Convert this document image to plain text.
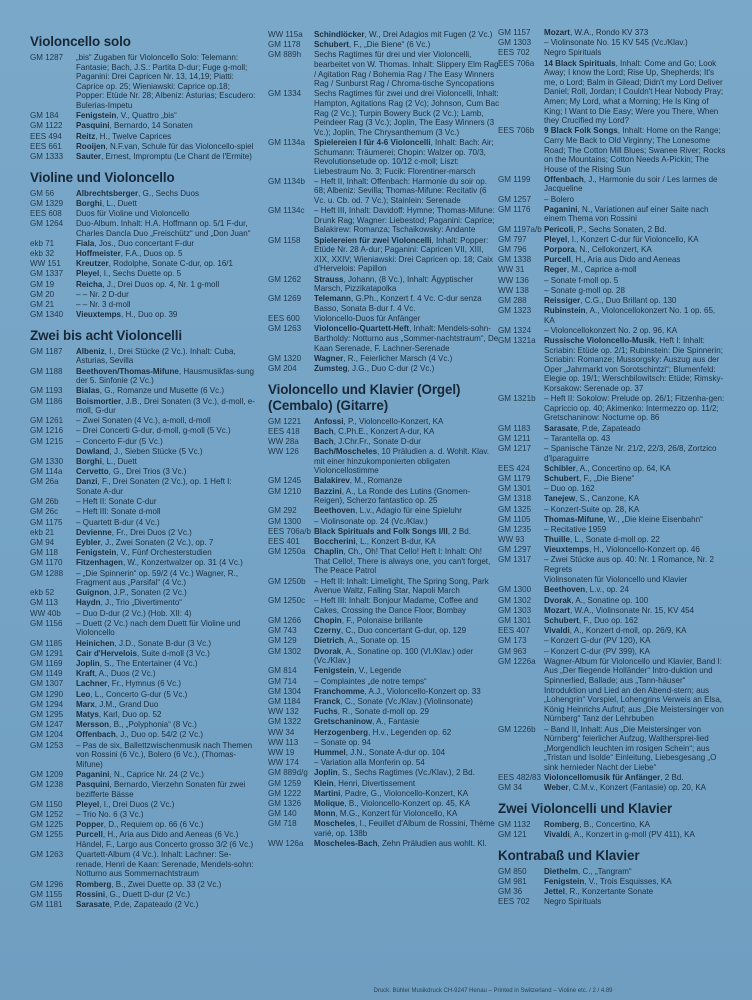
Violoncello solo
GM 1287	„bis“ Zugaben für Violoncello Solo: Telemann: Fantasie; Bach, J.S.: Partita D-dur; Fuge g-moll; Paganini: Drei Capricen Nr. 13, 14,19; Piatti: Caprice op. 25; Wieniawski: Caprice op.18; Popper: Etüde Nr. 28; Albeniz: Asturias; Escudero: Bulerias-Impetu
GM 184	Fenigstein, V., Quattro „bis“
GM 1122	Pasquini, Bernardo, 14 Sonaten
EES 494	Reitz, H., Twelve Caprices
EES 661	Rooijen, N.F.van, Schule für das Violoncello-spiel
GM 1333	Sauter, Ernest, Impromptu (Le Chant de l'Ermite)
Violine und Violoncello
GM 56	Albrechtsberger, G., Sechs Duos
GM 1329	Borghi, L., Duett
EES 608	Duos für Violine und Violoncello
GM 1264	Duo-Album. Inhalt: H.A. Hoffmann op. 5/1 F-dur, Charles Dancla Duo „Freischütz“ und „Don Juan“
ekb 71	Fiala, Jos., Duo concertant F-dur
ekb 32	Hoffmeister, F.A., Duos op. 5
WW 151	Kreutzer, Rodolphe, Sonate C-dur, op. 16/1
GM 1337	Pleyel, I., Sechs Duette op. 5
GM 19	Reicha, J., Drei Duos op. 4, Nr. 1 g-moll
GM 20	– – Nr. 2 D-dur
GM 21	– – Nr. 3 d-moll
GM 1340	Vieuxtemps, H., Duo op. 39
Zwei bis acht Violoncelli
GM 1187	Albeniz, I., Drei Stücke (2 Vc.). Inhalt: Cuba, Asturias, Sevilla
GM 1188	Beethoven/Thomas-Mifune, Hausmusikfas-sung der 5. Sinfonie (2 Vc.)
GM 1193	Bialas, G., Romanze und Musette (6 Vc.)
GM 1186	Boismortier, J.B., Drei Sonaten (3 Vc.), d-moll, e-moll, G-dur
GM 1261	– Zwei Sonaten (4 Vc.), a-moll, d-moll
GM 1216	– Drei Concerti G-dur, d-moll, g-moll (5 Vc.)
GM 1215	– Concerto F-dur (5 Vc.)
Dowland, J., Sieben Stücke (5 Vc.)
GM 1330	Borghi, L., Duett
GM 114a	Cervetto, G., Drei Trios (3 Vc.)
GM 26a	Danzi, F., Drei Sonaten (2 Vc.), op. 1 Heft I: Sonate A-dur
GM 26b	– Heft II: Sonate C-dur
GM 26c	– Heft III: Sonate d-moll
GM 1175	– Quartett B-dur (4 Vc.)
ekb 21	Devienne, Fr., Drei Duos (2 Vc.)
GM 94	Eybler, J., Zwei Sonaten (2 Vc.), op. 7
GM 118	Fenigstein, V., Fünf Orchesterstudien
GM 1170	Fitzenhagen, W., Konzertwalzer op. 31 (4 Vc.)
GM 1288	– „Die Spinnerin“ op. 59/2 (4 Vc.) Wagner, R., Fragment aus „Parsifal“ (4 Vc.)
ekb 52	Guignon, J.P., Sonaten (2 Vc.)
GM 113	Haydn, J., Trio „Divertimento“
WW 40b	– Duo D-dur (2 Vc.) (Hob. XII: 4)
GM 1156	– Duett (2 Vc.) nach dem Duett für Violine und Violoncello
GM 1185	Heinichen, J.D., Sonate B-dur (3 Vc.)
GM 1291	Cair d'Hervelois, Suite d-moll (3 Vc.)
GM 1169	Joplin, S., The Entertainer (4 Vc.)
GM 1149	Kraft, A., Duos (2 Vc.)
GM 1307	Lachner, Fr., Hymnus (6 Vc.)
GM 1290	Leo, L., Concerto G-dur (5 Vc.)
GM 1294	Marx, J.M., Grand Duo
GM 1295	Matys, Karl, Duo op. 52
GM 1247	Mersson, B., „Polyphonia“ (8 Vc.)
GM 1204	Offenbach, J., Duo op. 54/2 (2 Vc.)
GM 1253	– Pas de six, Ballettzwischenmusik nach Themen von Rossini (6 Vc.), Bolero (6 Vc.), (Thomas-Mifune)
GM 1209	Paganini, N., Caprice Nr. 24 (2 Vc.)
GM 1238	Pasquini, Bernardo, Vierzehn Sonaten für zwei bezifferte Bässe
GM 1150	Pleyel, I., Drei Duos (2 Vc.)
GM 1252	– Trio No. 6 (3 Vc.)
GM 1225	Popper, D., Requiem op. 66 (6 Vc.)
GM 1255	Purcell, H., Aria aus Dido and Aeneas (6 Vc.) Händel, F., Largo aus Concerto grosso 3/2 (6 Vc.)
GM 1263	Quartett-Album (4 Vc.). Inhalt: Lachner: Se-renade, Henri de Kaan: Serenade, Mendels-sohn: Notturno aus Sommernachtstraum
GM 1296	Romberg, B., Zwei Duette op. 33 (2 Vc.)
GM 1155	Rossini, G., Duett D-dur (2 Vc.)
GM 1181	Sarasate, P.de, Zapateado (2 Vc.)
WW 115a	Schindlöcker, W., Drei Adagios mit Fugen (2 Vc.)
GM 1178	Schubert, F., „Die Biene“ (6 Vc.)
GM 889h	Sechs Ragtimes für drei und vier Violoncelli, bearbeitet von W. Thomas. Inhalt: Slippery Elm Rag / Agitation Rag / Bohemia Rag / The Easy Winners Rag / Sunburst Rag / Chroma-tische Syncopations
GM 1334	Sechs Ragtimes für zwei und drei Violoncelli, Inhalt: Hampton, Agitations Rag (2 Vc); Johnson, Cum Bac Rag (2 Vc.); Turpin Bowery Buck (2 Vc.); Lamb, Peindeer Rag (3 Vc.); Joplin, The Easy Winners (3 Vc.); Joplin, The Chrysanthemum (3 Vc.)
GM 1134a	Spielereien I für 4-6 Violoncelli, Inhalt: Bach: Air; Schumann: Träumerei; Chopin: Walzer op. 70/3, Revolutionsetude op. 10/12 c-moll; Liszt: Liebestraum No. 3; Fucik: Florentiner-marsch
GM 1134b	– Heft II, Inhalt: Offenbach: Harmonie du soir op. 68; Albeniz: Sevilla; Thomas-Mifune: Recitativ (6 Vc. u. Cb. od. 7 Vc.); Stainlein: Serenade
GM 1134c	– Heft III, Inhalt: Davidoff: Hymne; Thomas-Mifune: Drunk Rag; Wagner: Liebestod; Paganini: Caprice; Balakirew: Romanza; Tschaikowsky: Andante
GM 1158	Spielereien für zwei Violoncelli, Inhalt: Popper: Etüde Nr. 28 A-dur; Paganini: Capricen VII, XIII, XIX, XXIV; Wieniawski: Drei Capricen op. 18; Caix d'Hervelois: Papillon
GM 1262	Strauss, Johann, (8 Vc.), Inhalt: Ägyptischer Marsch, Pizzikatapolka
GM 1269	Telemann, G.Ph., Konzert f. 4 Vc. C-dur senza Basso, Sonata B-dur f. 4 Vc.
EES 600	Violoncello-Duos für Anfänger
GM 1263	Violoncello-Quartett-Heft, Inhalt: Mendels-sohn-Bartholdy: Notturno aus „Sommer-nachtstraum“, De Kaan Serenade, F. Lachner-Serenade
GM 1320	Wagner, R., Feierlicher Marsch (4 Vc.)
GM 204	Zumsteg, J.G., Duo C-dur (2 Vc.)
Violoncello und Klavier (Orgel) (Cembalo) (Gitarre)
GM 1221	Anfossi, P., Violoncello-Konzert, KA
EES 418	Bach, C.Ph.E., Konzert A-dur, KA
WW 28a	Bach, J.Chr.Fr., Sonate D-dur
WW 126	Bach/Moscheles, 10 Präludien a. d. Wohlt. Klav. mit einer hinzukomponierten obligaten Violoncellostimme
GM 1245	Balakirev, M., Romanze
GM 1210	Bazzini, A., La Ronde des Lutins (Gnomen-Reigen), Scherzo fantastico op. 25
GM 292	Beethoven, L.v., Adagio für eine Spieluhr
GM 1300	– Violinsonate op. 24 (Vc./Klav.)
EES 706a/b Black Spirituals and Folk Songs I/II, 2 Bd.
EES 401	Boccherini, L., Konzert B-dur, KA
GM 1250a	Chaplin, Ch., Oh! That Cello! Heft I: Inhalt: Oh! That Cello!, There is always one, you can't forget, The Peace Patrol
GM 1250b	– Heft II: Inhalt: Limelight, The Spring Song, Park Avenue Waltz, Falling Star, Napoli March
GM 1250c	– Heft III: Inhalt: Bonjour Madame, Coffee and Cakes, Crossing the Dance Floor, Bombay
GM 1266	Chopin, F., Polonaise brillante
GM 743	Czerny, C., Duo concertant G-dur, op. 129
GM 129	Dietrich, A., Sonate op. 15
GM 1302	Dvorak, A., Sonatine op. 100 (Vl./Klav.) oder (Vc./Klav.)
GM 814	Fenigstein, V., Legende
GM 714	– Complaintes „de notre temps“
GM 1304	Franchomme, A.J., Violoncello-Konzert op. 33
GM 1184	Franck, C., Sonate (Vc./Klav.) (Violinsonate)
WW 132	Fuchs, R., Sonate d-moll op. 29
GM 1322	Gretschaninow, A., Fantasie
WW 34	Herzogenberg, H.v., Legenden op. 62
WW 113	– Sonate op. 94
WW 19	Hummel, J.N., Sonate A-dur op. 104
WW 174	– Variation alla Monferin op. 54
GM 889d/g Joplin, S., Sechs Ragtimes (Vc./Klav.), 2 Bd.
GM 1259	Klein, Henri, Divertissement
GM 1222	Martini, Padre, G., Violoncello-Konzert, KA
GM 1326	Molique, B., Violoncello-Konzert op. 45, KA
GM 140	Monn, M.G., Konzert für Violoncello, KA
GM 718	Moscheles, I., Feuillet d'Album de Rossini, Thème varié, op. 138b
WW 126a	Moscheles-Bach, Zehn Präludien aus wohlt. Kl.
GM 1157	Mozart, W.A., Rondo KV 373
GM 1303	– Violinsonate No. 15 KV 545 (Vc./Klav.)
EES 702	Negro Spirituals
EES 706a	14 Black Spirituals, Inhalt: Come and Go; Look Away; I know the Lord; Rise Up, Shepherds; It's me, o Lord; Balm in Gilead; Didn't my Lord Deliver Daniel; Roll, Jordan; I Couldn't Hear Nobody Pray; Amen; My Lord, what a Morning; He Is King of King; I Want to Die Easy; Were you There, When they Crucified my Lord?
EES 706b	9 Black Folk Songs, Inhalt: Home on the Range; Carry Me Back to Old Virginny; The Lonesome Road; The Cotton Mill Blues; Swanee River; Rocks on the Mountains; Cotton Needs A-Pickin; The House of the Rising Sun
GM 1199	Offenbach, J., Harmonie du soir / Les larmes de Jacqueline
GM 1257	– Bolero
GM 1176	Paganini, N., Variationen auf einer Saite nach einem Thema von Rossini
GM 1197a/b Pericoli, P., Sechs Sonaten, 2 Bd.
GM 797	Pleyel, I., Konzert C-dur für Violoncello, KA
GM 796	Porpora, N., Cellokonzert, KA
GM 1338	Purcell, H., Aria aus Dido and Aeneas
WW 31	Reger, M., Caprice a-moll
WW 136	– Sonate f-moll op. 5
WW 138	– Sonate g-moll op. 28
GM 288	Reissiger, C.G., Duo Brillant op. 130
GM 1323	Rubinstein, A., Violoncellokonzert No. 1 op. 65, KA
GM 1324	– Violoncellokonzert No. 2 op. 96, KA
GM 1321a	Russische Violoncello-Musik, Heft I: Inhalt: Scriabin: Etüde op. 2/1; Rubinstein: Die Spinnerin; Scriabin: Romanze; Mussorgsky: Auszug aus der Oper „Jahrmarkt von Sorotschintzi“; Blumenfeld: Elegie op. 19/1; Werschbilowitsch: Etüde; Rimsky-Korsakow: Serenade op. 37
GM 1321b	– Heft II: Sokolow: Prelude op. 26/1; Fitzenha-gen: Capriccio op. 40; Akimenko: Intermezzo op. 11/2; Gretschaninow: Nocturne op. 86
GM 1183	Sarasate, P.de, Zapateado
GM 1211	– Tarantella op. 43
GM 1217	– Spanische Tänze Nr. 21/2, 22/3, 26/8, Zortzico d'Iparaguirre
EES 424	Schibler, A., Concertino op. 64, KA
GM 1179	Schubert, F., „Die Biene“
GM 1301	– Duo op. 162
GM 1318	Tanejew, S., Canzone, KA
GM 1325	– Konzert-Suite op. 28, KA
GM 1105	Thomas-Mifune, W., „Die kleine Eisenbahn“
GM 1235	– Recitative 1959
WW 93	Thuille, L., Sonate d-moll op. 22
GM 1297	Vieuxtemps, H., Violoncello-Konzert op. 46
GM 1317	– Zwei Stücke aus op. 40: Nr. 1 Romance, Nr. 2 Regrets
Violinsonaten für Violoncello und Klavier
GM 1300	Beethoven, L.v., op. 24
GM 1302	Dvorak, A., Sonatine op. 100
GM 1303	Mozart, W.A., Violinsonate Nr. 15, KV 454
GM 1301	Schubert, F., Duo op. 162
EES 407	Vivaldi, A., Konzert d-moll, op. 26/9, KA
GM 173	– Konzert G-dur (PV 120), KA
GM 963	– Konzert C-dur (PV 399), KA
GM 1226a	Wagner-Album für Violoncello und Klavier, Band I: Aus „Der fliegende Holländer“ Intro-duktion und Spinnerlied, Ballade; aus „Tann-häuser“ Introduktion und Lied an den Abend-stern; aus „Lohengrin“ Vorspiel, Lohengrins Verweis an Elsa, König Heinrichs Aufruf; aus „Die Meistersinger von Nürnberg“ Tanz der Lehrbuben
GM 1226b	– Band II, Inhalt: Aus „Die Meistersinger von Nürnberg“ feierlicher Aufzug, Walthersprei-lied „Morgendlich leuchten im rosigen Schein“; aus „Tristan und Isolde“ Einleitung, Liebesgesang „O sink hernieder Nacht der Liebe“
EES 482/83 Violoncellomusik für Anfänger, 2 Bd.
GM 34	Weber, C.M.v., Konzert (Fantasie) op. 20, KA
Zwei Violoncelli und Klavier
GM 1132	Romberg, B., Concertino, KA
GM 121	Vivaldi, A., Konzert in g-moll (PV 411), KA
Kontrabaß und Klavier
GM 850	Diethelm, C., „Tangram“
GM 981	Fenigstein, V., Trois Esquisses, KA
GM 36	Jettel, R., Konzertante Sonate
EES 702	Negro Spirituals
Druck: Bühler Musikdruck CH-9247 Henau – Printed in Switzerland – Violine etc. / 2 / 4.89
